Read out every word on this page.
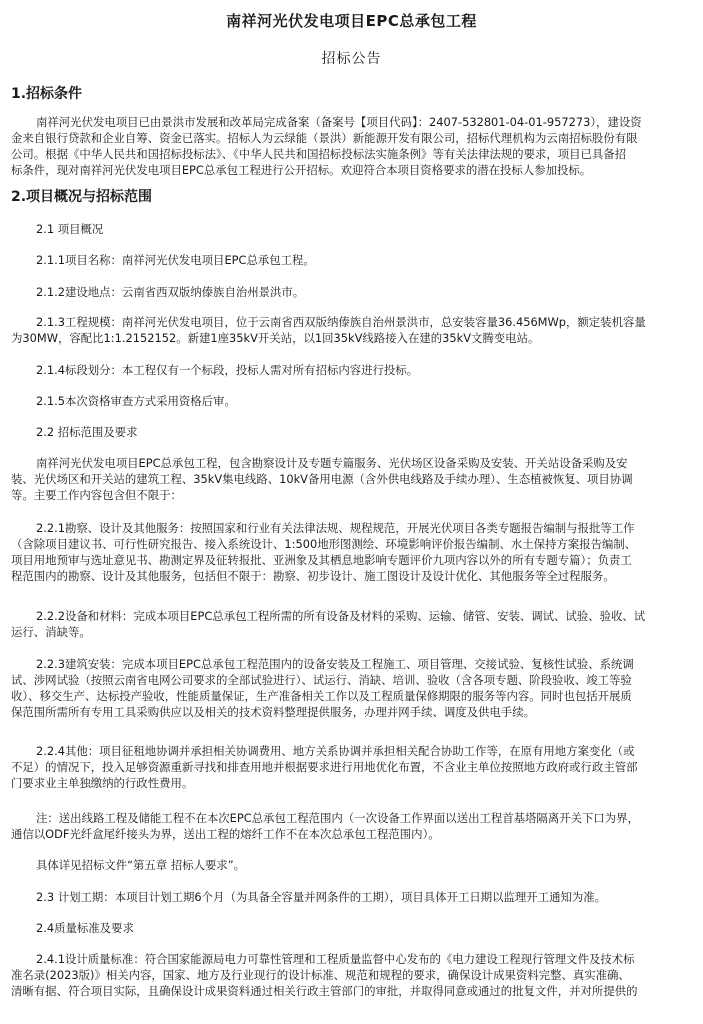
南祥河光伏发电项目EPC总承包工程
招标公告
1.招标条件
南祥河光伏发电项目已由景洪市发展和改革局完成备案（备案号【项目代码】：2407-532801-04-01-957273），建设资
金来自银行贷款和企业自筹、资金已落实。招标人为云绿能（景洪）新能源开发有限公司，招标代理机构为云南招标股份有限
公司。根据《中华人民共和国招标投标法》、《中华人民共和国招标投标法实施条例》等有关法律法规的要求，项目已具备招
标条件，现对南祥河光伏发电项目EPC总承包工程进行公开招标。欢迎符合本项目资格要求的潜在投标人参加投标。
2.项目概况与招标范围
2.1 项目概况
2.1.1项目名称：南祥河光伏发电项目EPC总承包工程。
2.1.2建设地点：云南省西双版纳傣族自治州景洪市。
2.1.3工程规模：南祥河光伏发电项目，位于云南省西双版纳傣族自治州景洪市，总安装容量36.456MWp，额定装机容量
为30MW，容配比1:1.2152152。新建1座35kV开关站，以1回35kV线路接入在建的35kV文腾变电站。
2.1.4标段划分：本工程仅有一个标段，投标人需对所有招标内容进行投标。
2.1.5本次资格审查方式采用资格后审。
2.2 招标范围及要求
南祥河光伏发电项目EPC总承包工程，包含勘察设计及专题专篇服务、光伏场区设备采购及安装、开关站设备采购及安
装、光伏场区和开关站的建筑工程、35kV集电线路、10kV备用电源（含外供电线路及手续办理）、生态植被恢复、项目协调
等。主要工作内容包含但不限于：
2.2.1勘察、设计及其他服务：按照国家和行业有关法律法规、规程规范，开展光伏项目各类专题报告编制与报批等工作
（含除项目建议书、可行性研究报告、接入系统设计、1:500地形图测绘、环境影响评价报告编制、水土保持方案报告编制、
项目用地预审与选址意见书、勘测定界及征转报批、亚洲象及其栖息地影响专题评价九项内容以外的所有专题专篇）；负责工
程范围内的勘察、设计及其他服务，包括但不限于：勘察、初步设计、施工图设计及设计优化、其他服务等全过程服务。
2.2.2设备和材料：完成本项目EPC总承包工程所需的所有设备及材料的采购、运输、储管、安装、调试、试验、验收、试
运行、消缺等。
2.2.3建筑安装：完成本项目EPC总承包工程范围内的设备安装及工程施工、项目管理、交接试验、复核性试验、系统调
试、涉网试验（按照云南省电网公司要求的全部试验进行）、试运行、消缺、培训、验收（含各项专题、阶段验收、竣工等验
收）、移交生产、达标投产验收，性能质量保证，生产准备相关工作以及工程质量保修期限的服务等内容。同时也包括开展质
保范围所需所有专用工具采购供应以及相关的技术资料整理提供服务，办理并网手续、调度及供电手续。
2.2.4其他：项目征租地协调并承担相关协调费用、地方关系协调并承担相关配合协助工作等，在原有用地方案变化（或
不足）的情况下，投入足够资源重新寻找和排查用地并根据要求进行用地优化布置，不含业主单位按照地方政府或行政主管部
门要求业主单独缴纳的行政性费用。
注：送出线路工程及储能工程不在本次EPC总承包工程范围内（一次设备工作界面以送出工程首基塔隔离开关下口为界，
通信以ODF光纤盒尾纤接头为界，送出工程的熔纤工作不在本次总承包工程范围内）。
具体详见招标文件“第五章 招标人要求”。
2.3 计划工期：本项目计划工期6个月（为具备全容量并网条件的工期），项目具体开工日期以监理开工通知为准。
2.4质量标准及要求
2.4.1设计质量标准：符合国家能源局电力可靠性管理和工程质量监督中心发布的《电力建设工程现行管理文件及技术标
准名录(2023版)》相关内容，国家、地方及行业现行的设计标准、规范和规程的要求，确保设计成果资料完整、真实准确、
清晰有据、符合项目实际，且确保设计成果资料通过相关行政主管部门的审批，并取得同意或通过的批复文件，并对所提供的
